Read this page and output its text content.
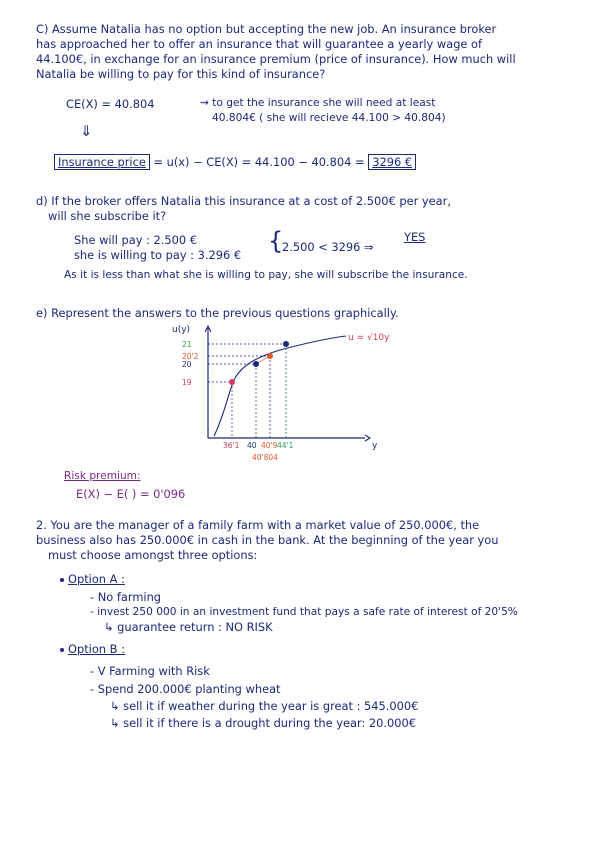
C) Assume Natalia has no option but accepting the new job. An insurance broker
has approached her to offer an insurance that will guarantee a yearly wage of
44.100€, in exchange for an insurance premium (price of insurance). How much will
Natalia be willing to pay for this kind of insurance?
CE(X) = 40.804	⇝ to get the insurance she will need at least
40.804€ ( she will recieve 44.100 > 40.804)
⇓
Insurance price = u(x) − CE(X) = 44.100 − 40.804 = 3296 €
d) If the broker offers Natalia this insurance at a cost of 2.500€ per year,
will she subscribe it?
She will pay : 2.500 €
she is willing to pay : 3.296 € {
2.500 < 3296 ⇒
YES
As it is less than what she is willing to pay, she will subscribe the insurance.
e) Represent the answers to the previous questions graphically.
u(y)
y
u = √10y
21
20'2
20
19
36'1 40 40'9 44'1
40'804
Risk premium:
E(X) − E( ) = 0'096
2. You are the manager of a family farm with a market value of 250.000€, the
business also has 250.000€ in cash in the bank. At the beginning of the year you
must choose amongst three options:
Option A :
- No farming
- invest 250 000 in an investment fund that pays a safe rate of interest of 20'5%
↳ guarantee return : NO RISK
Option B :
- V Farming with Risk
- Spend 200.000€ planting wheat
↳ sell it if weather during the year is great : 545.000€
↳ sell it if there is a drought during the year: 20.000€
